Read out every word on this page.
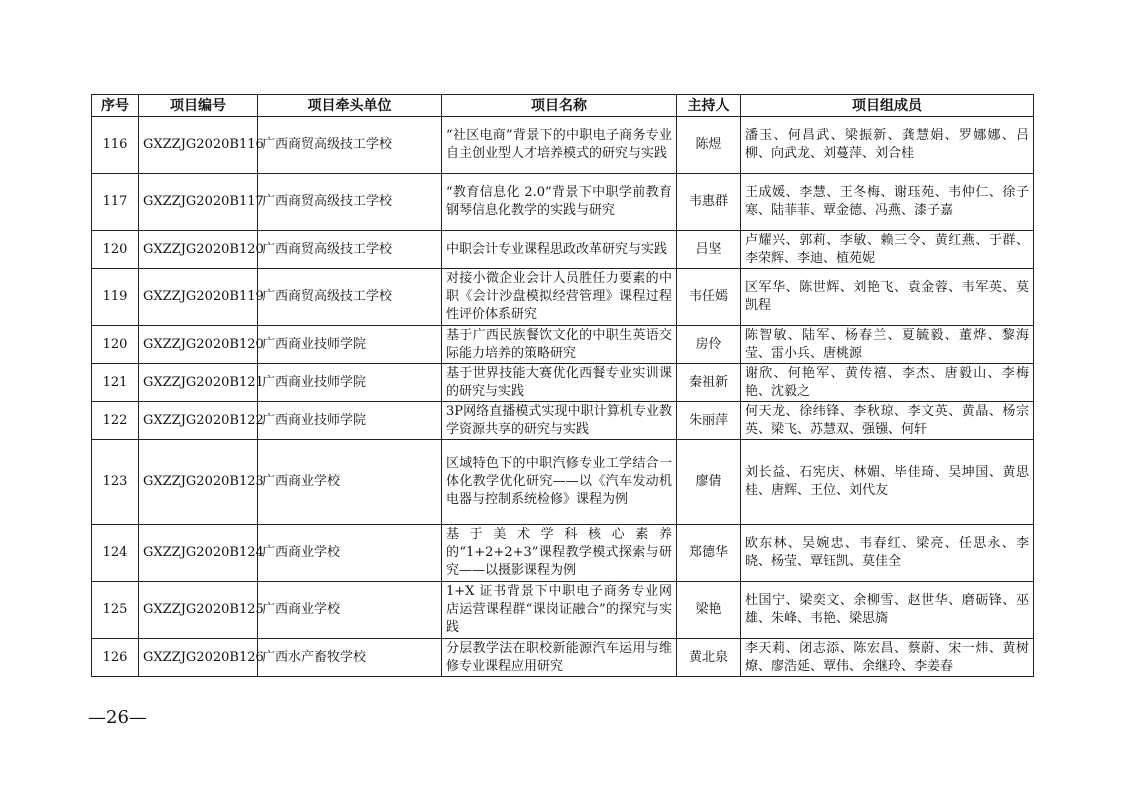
序号	项目编号	项目牵头单位	项目名称	主持人	项目组成员
116	GXZZJG2020B116	广西商贸高级技工学校	“社区电商”背景下的中职电子商务专业自主创业型人才培养模式的研究与实践	陈煜	潘玉、何昌武、梁振新、龚慧娟、罗娜娜、吕柳、向武龙、刘蔓萍、刘合桂
117	GXZZJG2020B117	广西商贸高级技工学校	“教育信息化 2.0”背景下中职学前教育钢琴信息化教学的实践与研究	韦惠群	王成媛、李慧、王冬梅、谢珏苑、韦仲仁、徐子寒、陆菲菲、覃金德、冯燕、漆子嘉
120	GXZZJG2020B120	广西商贸高级技工学校	中职会计专业课程思政改革研究与实践	吕坚	卢耀兴、郭莉、李敏、赖三令、黄红燕、于群、李荣辉、李迪、植苑妮
119	GXZZJG2020B119	广西商贸高级技工学校	对接小微企业会计人员胜任力要素的中职《会计沙盘模拟经营管理》课程过程性评价体系研究	韦任嫣	区军华、陈世辉、刘艳飞、袁金蓉、韦军英、莫凯程
120	GXZZJG2020B120	广西商业技师学院	基于广西民族餐饮文化的中职生英语交际能力培养的策略研究	房伶	陈智敏、陆军、杨春兰、夏毓毅、董烨、黎海莹、雷小兵、唐桃源
121	GXZZJG2020B121	广西商业技师学院	基于世界技能大赛优化西餐专业实训课的研究与实践	秦祖新	谢欣、何艳军、黄传禧、李杰、唐毅山、李梅艳、沈毅之
122	GXZZJG2020B122	广西商业技师学院	3P网络直播模式实现中职计算机专业教学资源共享的研究与实践	朱丽萍	何天龙、徐纬锋、李秋琼、李文英、黄晶、杨宗英、梁飞、苏慧双、强镪、何轩
123	GXZZJG2020B123	广西商业学校	区域特色下的中职汽修专业工学结合一体化教学优化研究——以《汽车发动机电器与控制系统检修》课程为例	廖倩	刘长益、石宪庆、林媚、毕佳琦、吴坤国、黄思桂、唐辉、王位、刘代友
124	GXZZJG2020B124	广西商业学校	基于美术学科核心素养的“1+2+2+3”课程教学模式探索与研究——以摄影课程为例	郑德华	欧东林、吴婉忠、韦春红、梁亮、任思永、李晓、杨莹、覃钰凯、莫佳全
125	GXZZJG2020B125	广西商业学校	1+X 证书背景下中职电子商务专业网店运营课程群“课岗证融合”的探究与实践	梁艳	杜国宁、梁奕文、余柳雪、赵世华、磨砺锋、巫雄、朱峰、韦艳、梁思旖
126	GXZZJG2020B126	广西水产畜牧学校	分层教学法在职校新能源汽车运用与维修专业课程应用研究	黄北泉	李天莉、闭志添、陈宏昌、蔡蔚、宋一炜、黄树燎、廖浩延、覃伟、余继玲、李姜春
—26—
